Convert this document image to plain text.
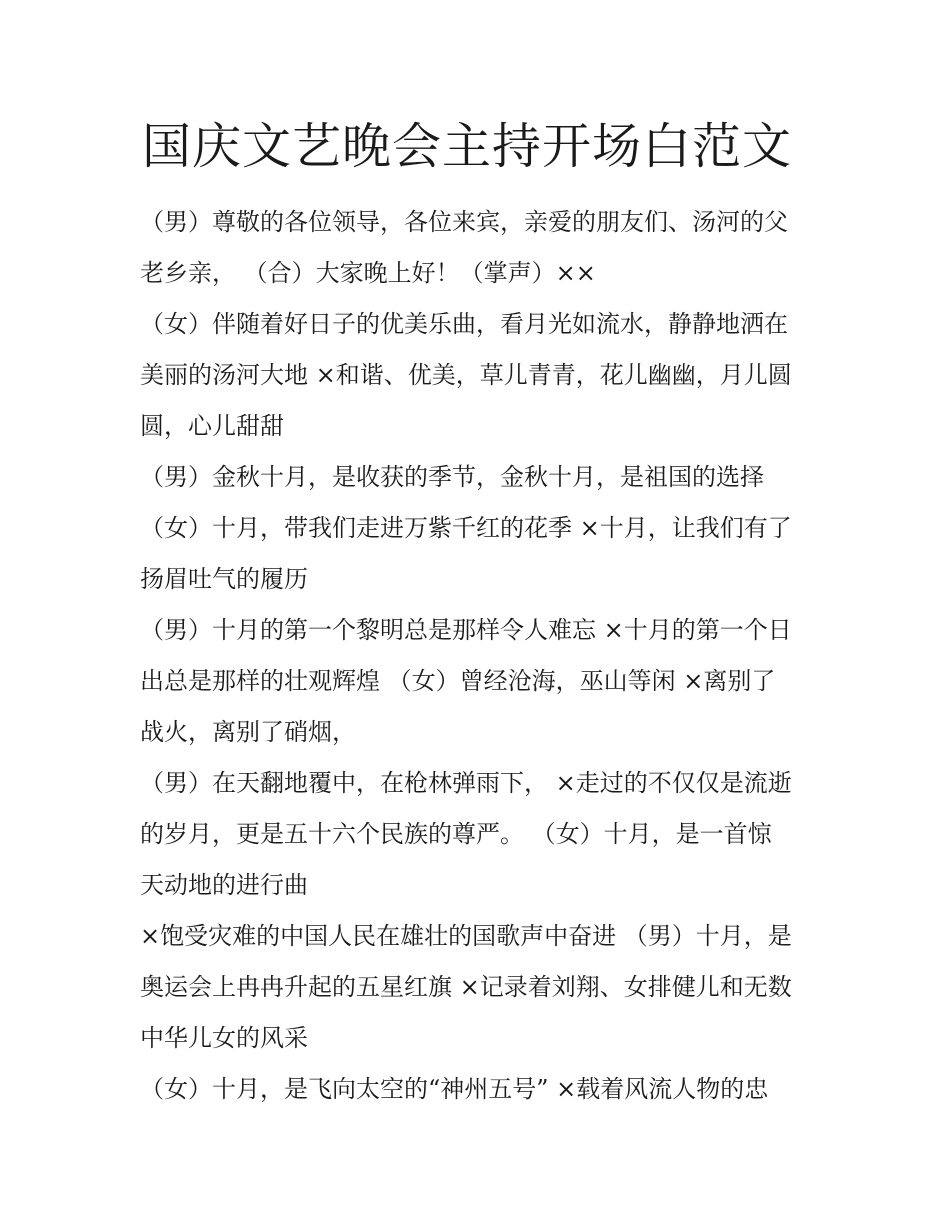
国庆文艺晚会主持开场白范文
（男）尊敬的各位领导，各位来宾，亲爱的朋友们、汤河的父
老乡亲， （合）大家晚上好！（掌声）××
（女）伴随着好日子的优美乐曲，看月光如流水，静静地洒在
美丽的汤河大地 ×和谐、优美，草儿青青，花儿幽幽，月儿圆
圆，心儿甜甜
（男）金秋十月，是收获的季节，金秋十月，是祖国的选择
（女）十月，带我们走进万紫千红的花季 ×十月，让我们有了
扬眉吐气的履历
（男）十月的第一个黎明总是那样令人难忘 ×十月的第一个日
出总是那样的壮观辉煌 （女）曾经沧海，巫山等闲 ×离别了
战火，离别了硝烟，
（男）在天翻地覆中，在枪林弹雨下， ×走过的不仅仅是流逝
的岁月，更是五十六个民族的尊严。 （女）十月，是一首惊
天动地的进行曲
×饱受灾难的中国人民在雄壮的国歌声中奋进 （男）十月，是
奥运会上冉冉升起的五星红旗 ×记录着刘翔、女排健儿和无数
中华儿女的风采
（女）十月，是飞向太空的“神州五号” ×载着风流人物的忠
